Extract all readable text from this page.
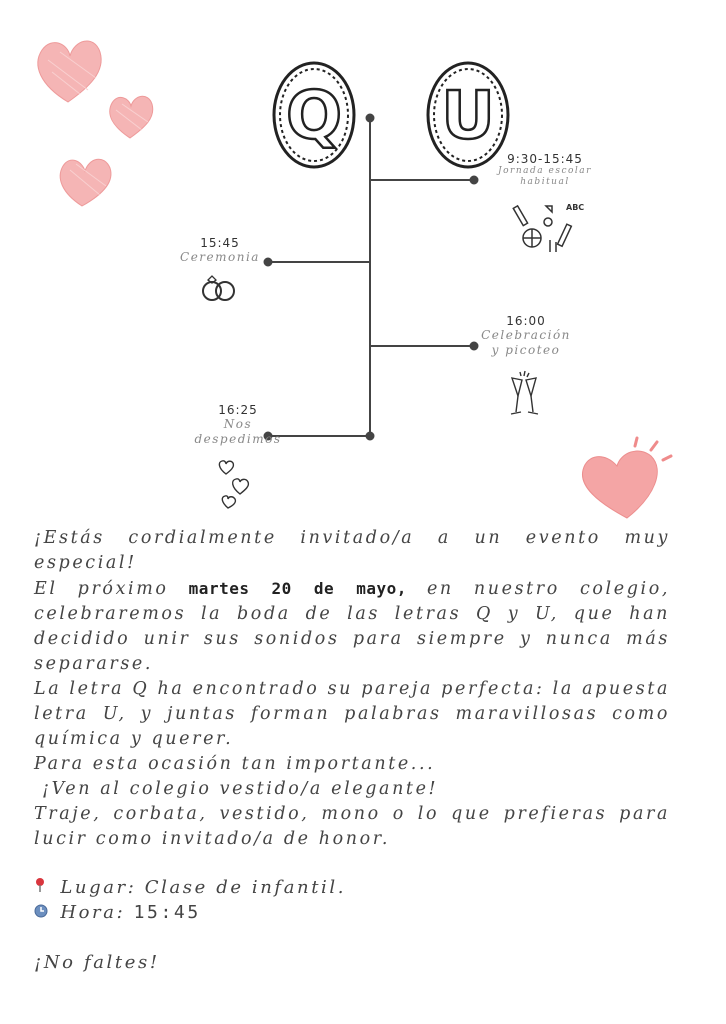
Q U
9:30-15:45
Jornada escolar
habitual
ABC
15:45
Ceremonia
16:00
Celebración
y picoteo
16:25
Nos
despedimos

¡Estás cordialmente invitado/a a un evento muy especial!

El próximo martes 20 de mayo, en nuestro colegio, celebraremos la boda de las letras Q y U, que han decidido unir sus sonidos para siempre y nunca más separarse.

La letra Q ha encontrado su pareja perfecta: la apuesta letra U, y juntas forman palabras maravillosas como química y querer.

Para esta ocasión tan importante...

¡Ven al colegio vestido/a elegante!

Traje, corbata, vestido, mono o lo que prefieras para lucir como invitado/a de honor.

Lugar: Clase de infantil.
Hora: 15:45
¡No faltes!
